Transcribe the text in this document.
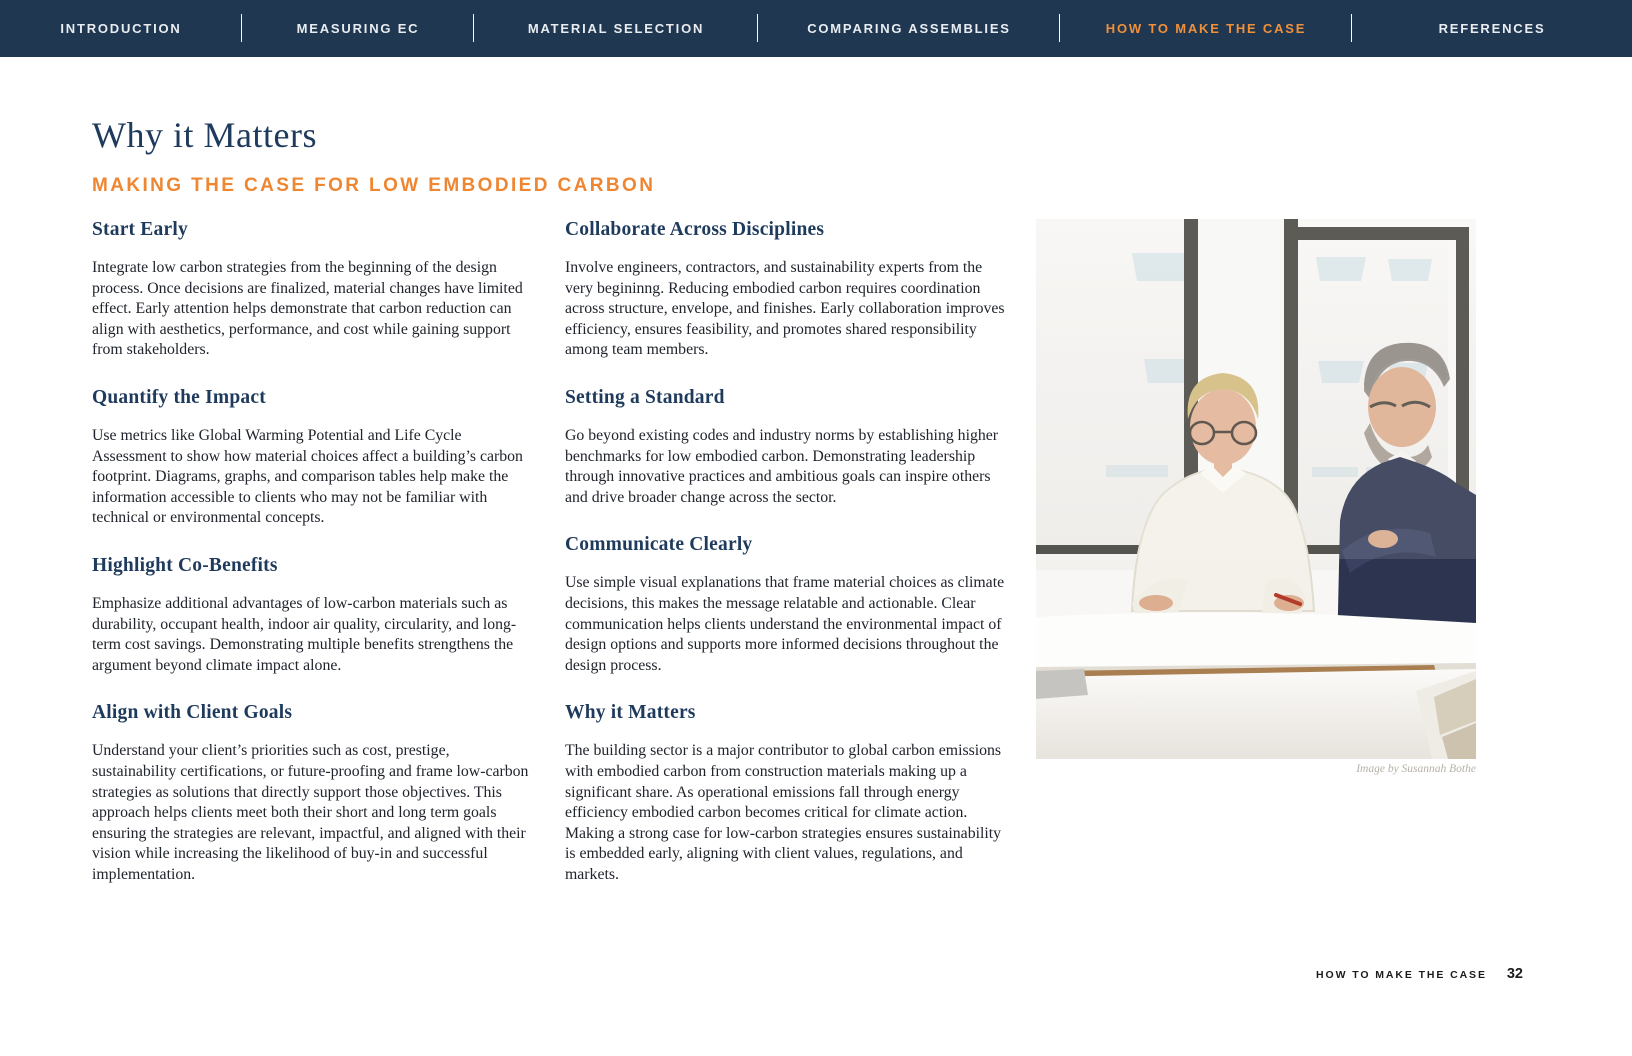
INTRODUCTION	MEASURING EC	MATERIAL SELECTION	COMPARING ASSEMBLIES	HOW TO MAKE THE CASE	REFERENCES
Why it Matters
MAKING THE CASE FOR LOW EMBODIED CARBON
Start Early

Integrate low carbon strategies from the beginning of the design process. Once decisions are finalized, material changes have limited effect. Early attention helps demonstrate that carbon reduction can align with aesthetics, performance, and cost while gaining support from stakeholders.

Quantify the Impact

Use metrics like Global Warming Potential and Life Cycle Assessment to show how material choices affect a building’s carbon footprint. Diagrams, graphs, and comparison tables help make the information accessible to clients who may not be familiar with technical or environmental concepts.

Highlight Co-Benefits

Emphasize additional advantages of low-carbon materials such as durability, occupant health, indoor air quality, circularity, and long-term cost savings. Demonstrating multiple benefits strengthens the argument beyond climate impact alone.

Align with Client Goals

Understand your client’s priorities such as cost, prestige, sustainability certifications, or future-proofing and frame low-carbon strategies as solutions that directly support those objectives. This approach helps clients meet both their short and long term goals ensuring the strategies are relevant, impactful, and aligned with their vision while increasing the likelihood of buy-in and successful implementation.

Collaborate Across Disciplines

Involve engineers, contractors, and sustainability experts from the very begininng. Reducing embodied carbon requires coordination across structure, envelope, and finishes. Early collaboration improves efficiency, ensures feasibility, and promotes shared responsibility among team members.

Setting a Standard

Go beyond existing codes and industry norms by establishing higher benchmarks for low embodied carbon. Demonstrating leadership through innovative practices and ambitious goals can inspire others and drive broader change across the sector.

Communicate Clearly

Use simple visual explanations that frame material choices as climate decisions, this makes the message relatable and actionable. Clear communication helps clients understand the environmental impact of design options and supports more informed decisions throughout the design process.

Why it Matters

The building sector is a major contributor to global carbon emissions with embodied carbon from construction materials making up a significant share. As operational emissions fall through energy efficiency embodied carbon becomes critical for climate action. Making a strong case for low-carbon strategies ensures sustainability is embedded early, aligning with client values, regulations, and markets.

Image by Susannah Bothe
HOW TO MAKE THE CASE 32
